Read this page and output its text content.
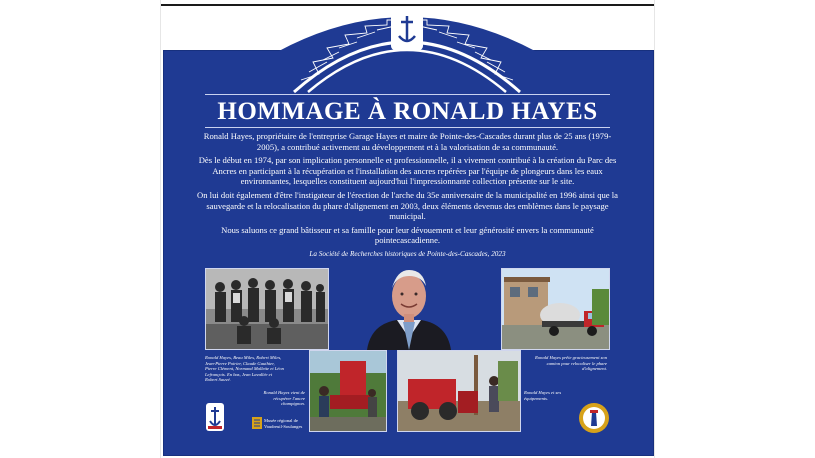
HOMMAGE À RONALD HAYES

Ronald Hayes, propriétaire de l'entreprise Garage Hayes et maire de Pointe-des-Cascades durant plus de 25 ans (1979-2005), a contribué activement au développement et à la valorisation de sa communauté.

Dès le début en 1974, par son implication personnelle et professionnelle, il a vivement contribué à la création du Parc des Ancres en participant à la récupération et l'installation des ancres repérées par l'équipe de plongeurs dans les eaux environnantes, lesquelles constituent aujourd'hui l'impressionnante collection présente sur le site.

On lui doit également d'être l'instigateur de l'érection de l'arche du 35e anniversaire de la municipalité en 1996 ainsi que la sauvegarde et la relocalisation du phare d'alignement en 2003, deux éléments devenus des emblèmes dans le paysage municipal.

Nous saluons ce grand bâtisseur et sa famille pour leur dévouement et leur générosité envers la communauté pointecascadienne.

La Société de Recherches historiques de Pointe-des-Cascades, 2023

Ronald Hayes, Beau Miles, Robert Miles, Jean-Pierre Poirier, Claude Gauthier, Pierre Clément, Normand Mallette et Léon Lefrançois. En bas, Jean Lavallée et Robert Sauvé.
Ronald Hayes vient de récupérer l'ancre champignon.
Ronald Hayes prête gracieusement son camion pour relocaliser le phare d'alignement.
Ronald Hayes et ses équipements.
Musée régional de
Vaudreuil-Soulanges
